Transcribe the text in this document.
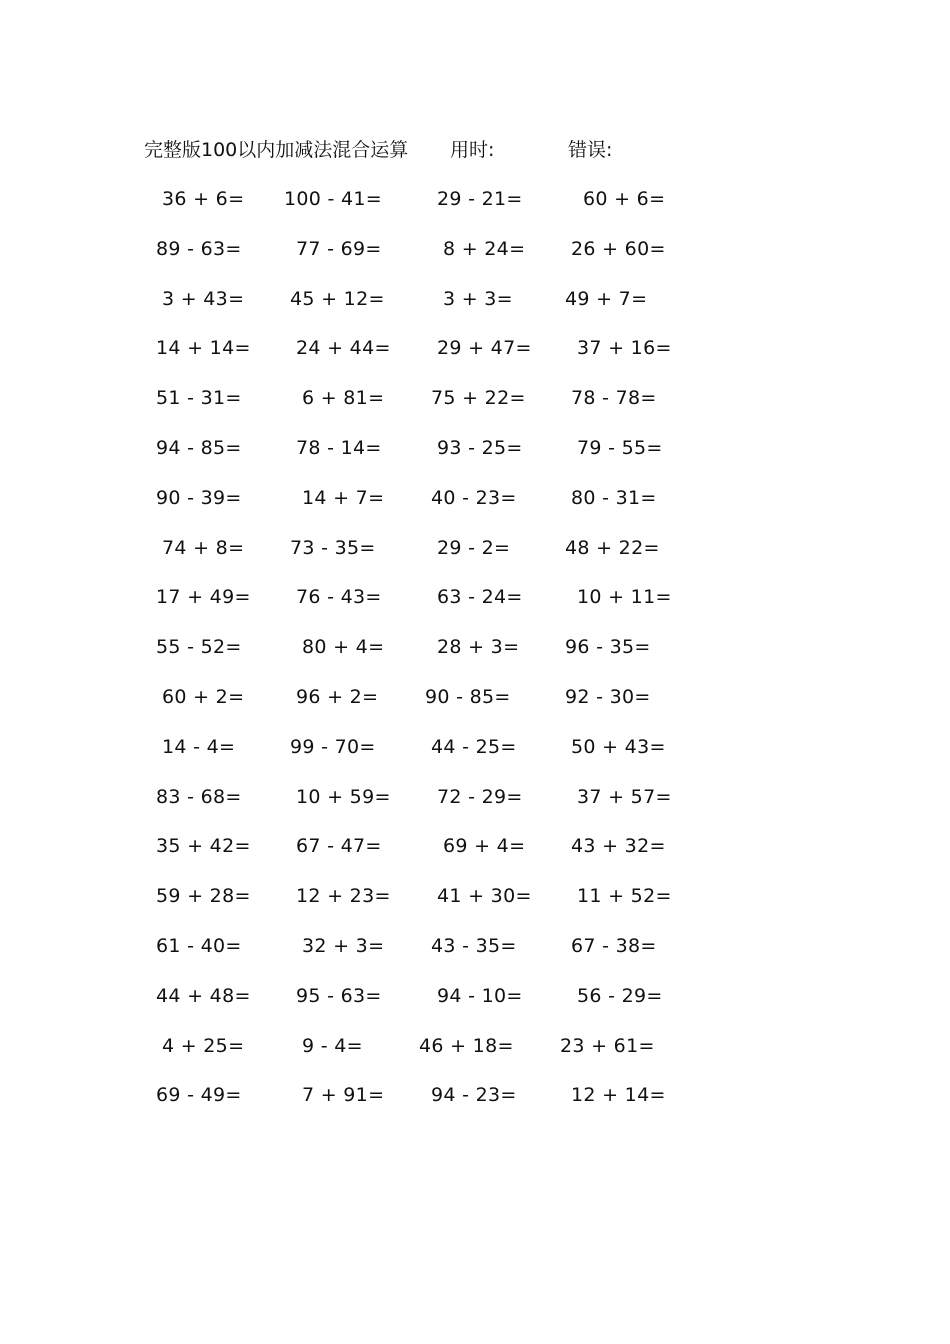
完整版100以内加减法混合运算 用时:	错误:
36 + 6= 100 - 41=	29 - 21=	60 + 6=
89 - 63=	77 - 69=	8 + 24= 26 + 60=
3 + 43= 45 + 12=	3 + 3=	49 + 7=
14 + 14= 24 + 44= 29 + 47= 37 + 16=
51 - 31=	6 + 81= 75 + 22= 78 - 78=
94 - 85=	78 - 14=	93 - 25=	79 - 55=
90 - 39=	14 + 7= 40 - 23=	80 - 31=
74 + 8= 73 - 35=	29 - 2=	48 + 22=
17 + 49= 76 - 43=	63 - 24=	10 + 11=
55 - 52=	80 + 4=	28 + 3= 96 - 35=
60 + 2=	96 + 2= 90 - 85=	92 - 30=
14 - 4=	99 - 70=	44 - 25=	50 + 43=
83 - 68=	10 + 59= 72 - 29=	37 + 57=
35 + 42= 67 - 47=	69 + 4= 43 + 32=
59 + 28= 12 + 23= 41 + 30= 11 + 52=
61 - 40=	32 + 3= 43 - 35=	67 - 38=
44 + 48= 95 - 63=	94 - 10=	56 - 29=
4 + 25=	9 - 4=	46 + 18= 23 + 61=
69 - 49=	7 + 91= 94 - 23=	12 + 14=
